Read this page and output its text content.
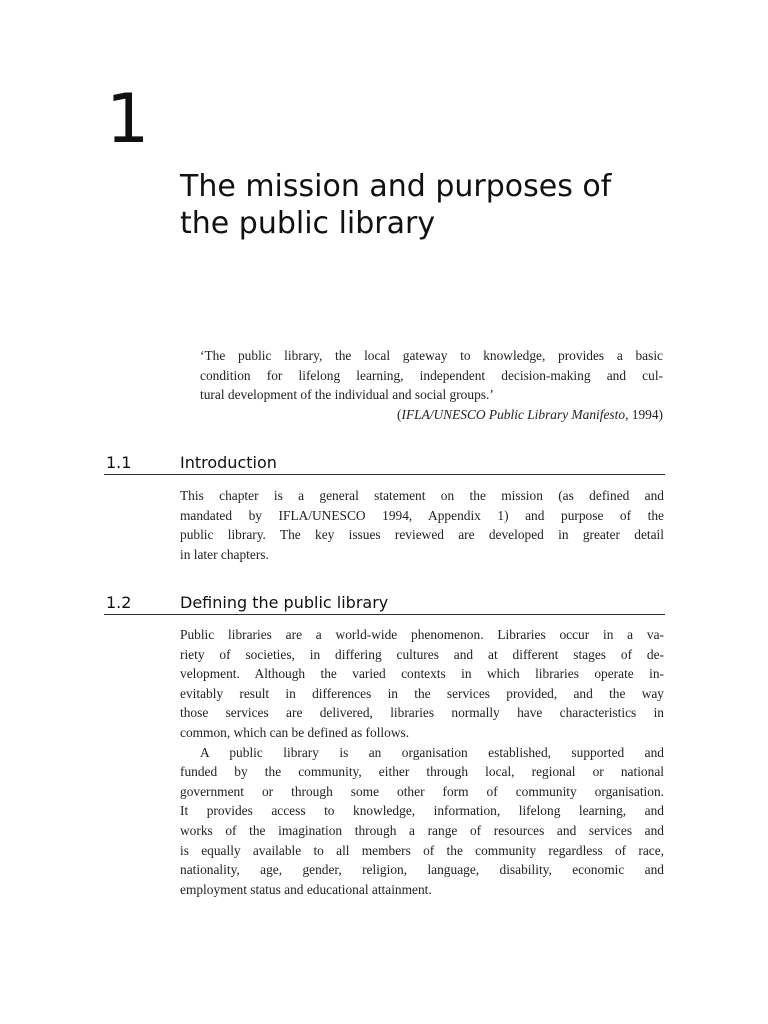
1
The mission and purposes of
the public library
‘The public library, the local gateway to knowledge, provides a basic
condition for lifelong learning, independent decision-making and cul-
tural development of the individual and social groups.’
(IFLA/UNESCO Public Library Manifesto, 1994)
1.1	Introduction
This chapter is a general statement on the mission (as defined and
mandated by IFLA/UNESCO 1994, Appendix 1) and purpose of the
public library. The key issues reviewed are developed in greater detail
in later chapters.
1.2	Defining the public library
Public libraries are a world-wide phenomenon. Libraries occur in a va-
riety of societies, in differing cultures and at different stages of de-
velopment. Although the varied contexts in which libraries operate in-
evitably result in differences in the services provided, and the way
those services are delivered, libraries normally have characteristics in
common, which can be defined as follows.
A public library is an organisation established, supported and
funded by the community, either through local, regional or national
government or through some other form of community organisation.
It provides access to knowledge, information, lifelong learning, and
works of the imagination through a range of resources and services and
is equally available to all members of the community regardless of race,
nationality, age, gender, religion, language, disability, economic and
employment status and educational attainment.
